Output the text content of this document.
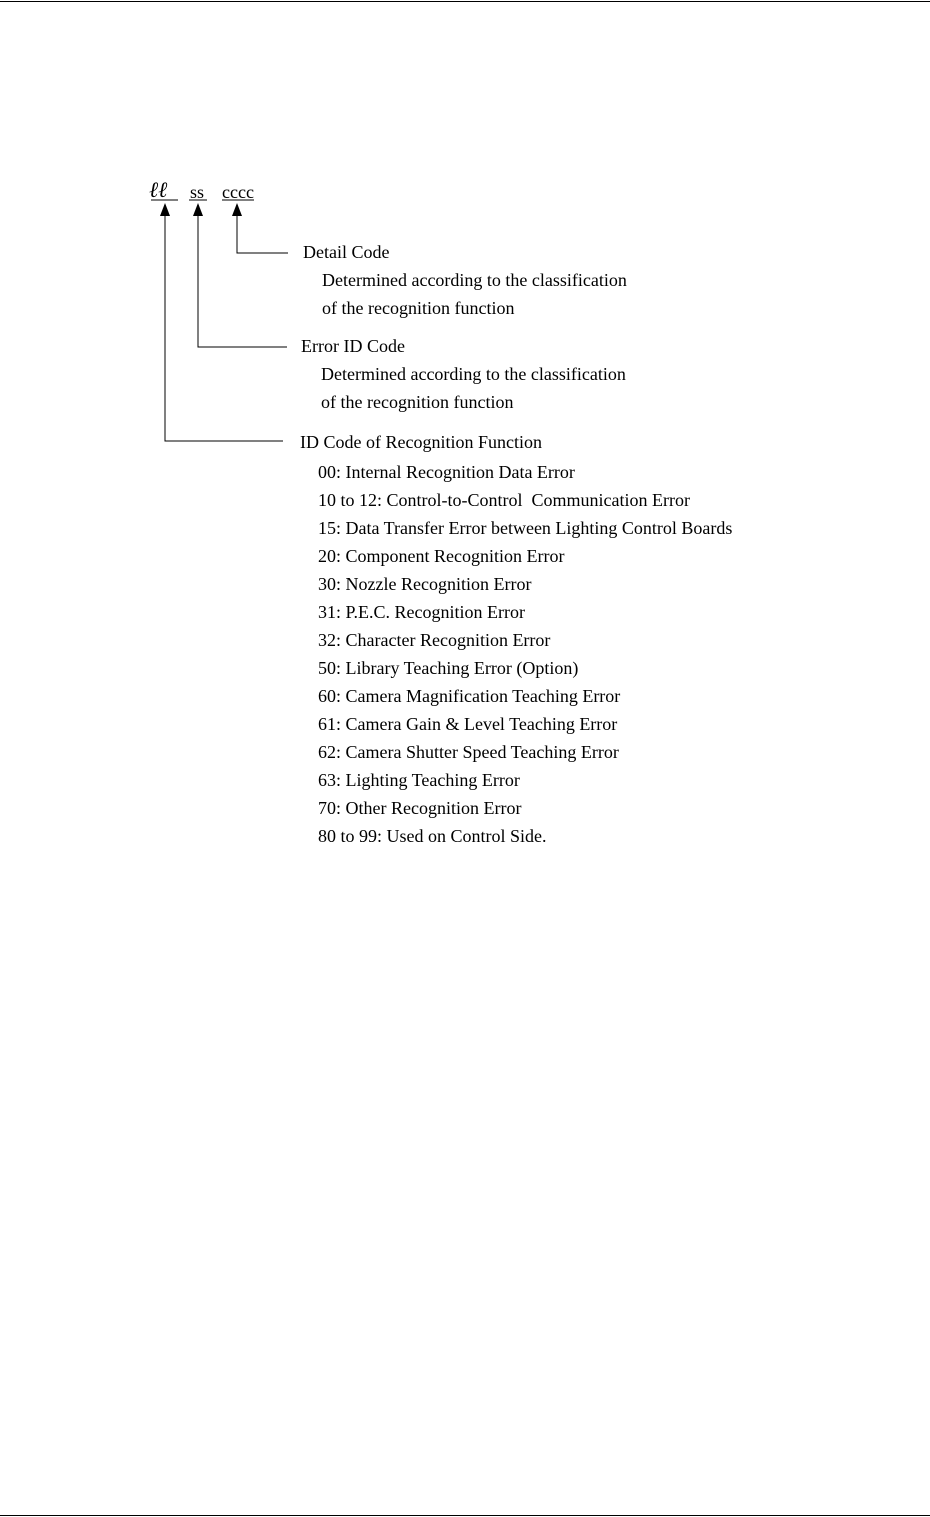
ℓℓ ss cccc
Detail Code
Determined according to the classification
of the recognition function
Error ID Code
Determined according to the classification
of the recognition function
ID Code of Recognition Function
00: Internal Recognition Data Error
10 to 12: Control-to-Control  Communication Error
15: Data Transfer Error between Lighting Control Boards
20: Component Recognition Error
30: Nozzle Recognition Error
31: P.E.C. Recognition Error
32: Character Recognition Error
50: Library Teaching Error (Option)
60: Camera Magnification Teaching Error
61: Camera Gain & Level Teaching Error
62: Camera Shutter Speed Teaching Error
63: Lighting Teaching Error
70: Other Recognition Error
80 to 99: Used on Control Side.
